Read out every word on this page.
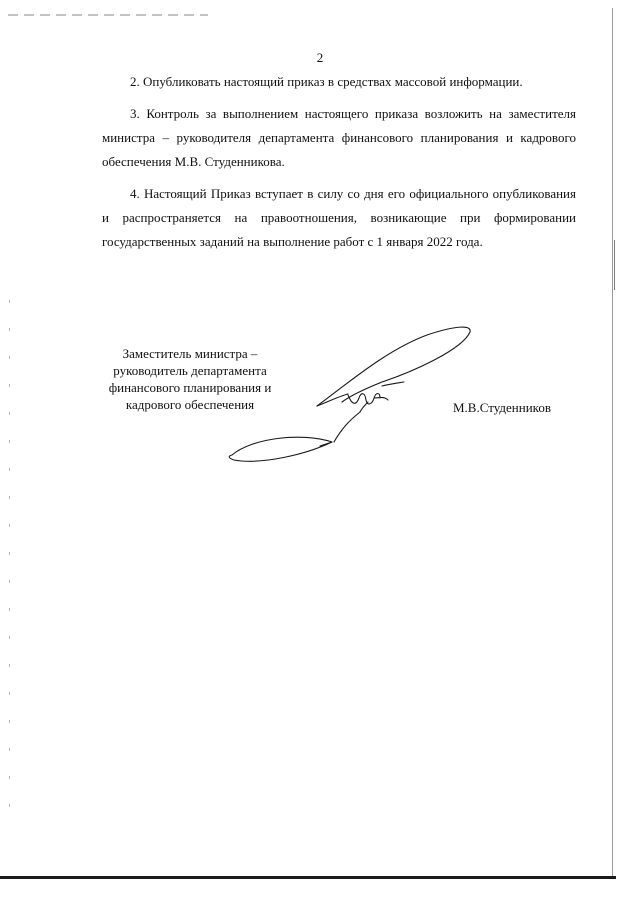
2

2. Опубликовать настоящий приказ в средствах массовой информации.

3. Контроль за выполнением настоящего приказа возложить на заместителя министра – руководителя департамента финансового планирования и кадрового обеспечения М.В. Студенникова.

4. Настоящий Приказ вступает в силу со дня его официального опубликования и распространяется на правоотношения, возникающие при формировании государственных заданий на выполнение работ с 1 января 2022 года.

Заместитель министра –
руководитель департамента
финансового планирования и
кадрового обеспечения	М.В.Студенников
